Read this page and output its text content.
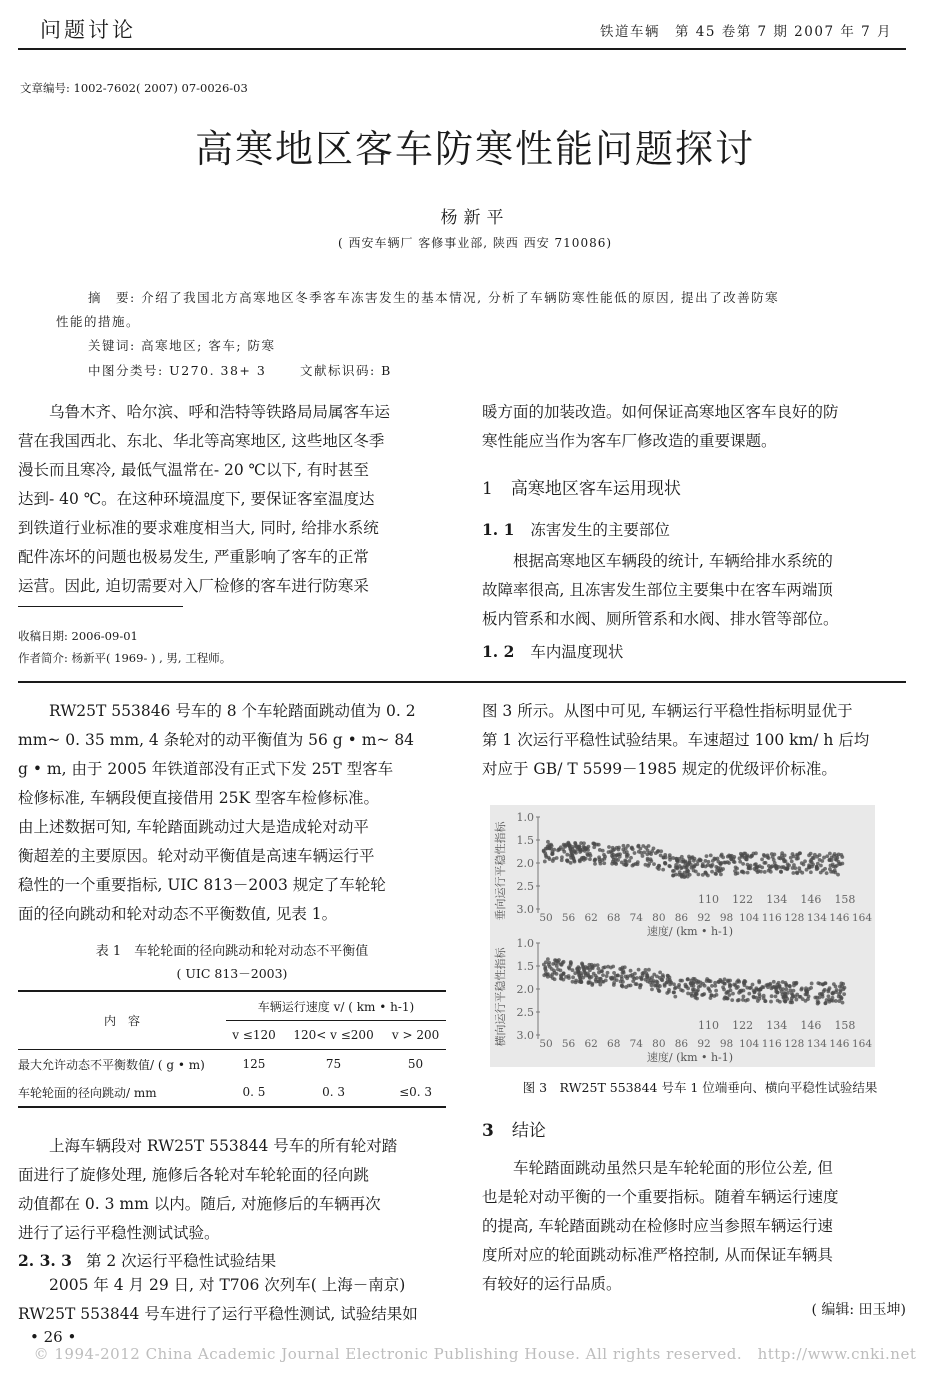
问题讨论	铁道车辆　第 45 卷第 7 期 2007 年 7 月
文章编号: 1002-7602( 2007) 07-0026-03
高寒地区客车防寒性能问题探讨
杨新平
( 西安车辆厂 客修事业部, 陕西 西安 710086)
摘　要: 介绍了我国北方高寒地区冬季客车冻害发生的基本情况, 分析了车辆防寒性能低的原因, 提出了改善防寒
性能的措施。
关键词: 高寒地区; 客车; 防寒
中图分类号: U270. 38+ 3	文献标识码: B
乌鲁木齐、哈尔滨、呼和浩特等铁路局局属客车运
营在我国西北、东北、华北等高寒地区, 这些地区冬季
漫长而且寒冷, 最低气温常在- 20 ℃以下, 有时甚至
达到- 40 ℃。在这种环境温度下, 要保证客室温度达
到铁道行业标准的要求难度相当大, 同时, 给排水系统
配件冻坏的问题也极易发生, 严重影响了客车的正常
运营。因此, 迫切需要对入厂检修的客车进行防寒采
收稿日期: 2006-09-01
作者简介: 杨新平( 1969- ) , 男, 工程师。
暖方面的加装改造。如何保证高寒地区客车良好的防
寒性能应当作为客车厂修改造的重要课题。
1 高寒地区客车运用现状
1. 1 冻害发生的主要部位
根据高寒地区车辆段的统计, 车辆给排水系统的
故障率很高, 且冻害发生部位主要集中在客车两端顶
板内管系和水阀、厕所管系和水阀、排水管等部位。
1. 2 车内温度现状
RW25T 553846 号车的 8 个车轮踏面跳动值为 0. 2
mm~ 0. 35 mm, 4 条轮对的动平衡值为 56 g • m~ 84
g • m, 由于 2005 年铁道部没有正式下发 25T 型客车
检修标准, 车辆段便直接借用 25K 型客车检修标准。
由上述数据可知, 车轮踏面跳动过大是造成轮对动平
衡超差的主要原因。轮对动平衡值是高速车辆运行平
稳性的一个重要指标, UIC 813－2003 规定了车轮轮
面的径向跳动和轮对动态不平衡数值, 见表 1。
表 1　车轮轮面的径向跳动和轮对动态不平衡值
( UIC 813－2003)
内　容	车辆运行速度 v/ ( km • h-1)		
	v ≤120	120< v ≤200	v > 200
最大允许动态不平衡数值/ ( g • m)	125	75	50
车轮轮面的径向跳动/ mm	0. 5	0. 3	≤0. 3
上海车辆段对 RW25T 553844 号车的所有轮对踏
面进行了旋修处理, 施修后各轮对车轮轮面的径向跳
动值都在 0. 3 mm 以内。随后, 对施修后的车辆再次
进行了运行平稳性测试试验。
2. 3. 3 第 2 次运行平稳性试验结果
2005 年 4 月 29 日, 对 T706 次列车( 上海－南京)
RW25T 553844 号车进行了运行平稳性测试, 试验结果如
• 26 •
图 3 所示。从图中可见, 车辆运行平稳性指标明显优于
第 1 次运行平稳性试验结果。车速超过 100 km/ h 后均
对应于 GB/ T 5599－1985 规定的优级评价标准。
垂向运行平稳性指标
1.0
1.5
2.0
2.5
3.0
110 122 134 146 158
50 56 62 68 74 80 86 92 98 104 116 128 134 146 164
速度/ (km • h-1)
横向运行平稳性指标
1.0
1.5
2.0
2.5
3.0
110 122 134 146 158
50 56 62 68 74 80 86 92 98 104 116 128 134 146 164
速度/ (km • h-1)
图 3　RW25T 553844 号车 1 位端垂向、横向平稳性试验结果
3 结论
车轮踏面跳动虽然只是车轮轮面的形位公差, 但
也是轮对动平衡的一个重要指标。随着车辆运行速度
的提高, 车轮踏面跳动在检修时应当参照车辆运行速
度所对应的轮面跳动标准严格控制, 从而保证车辆具
有较好的运行品质。
( 编辑: 田玉坤)
© 1994-2012 China Academic Journal Electronic Publishing House. All rights reserved.　http://www.cnki.net
